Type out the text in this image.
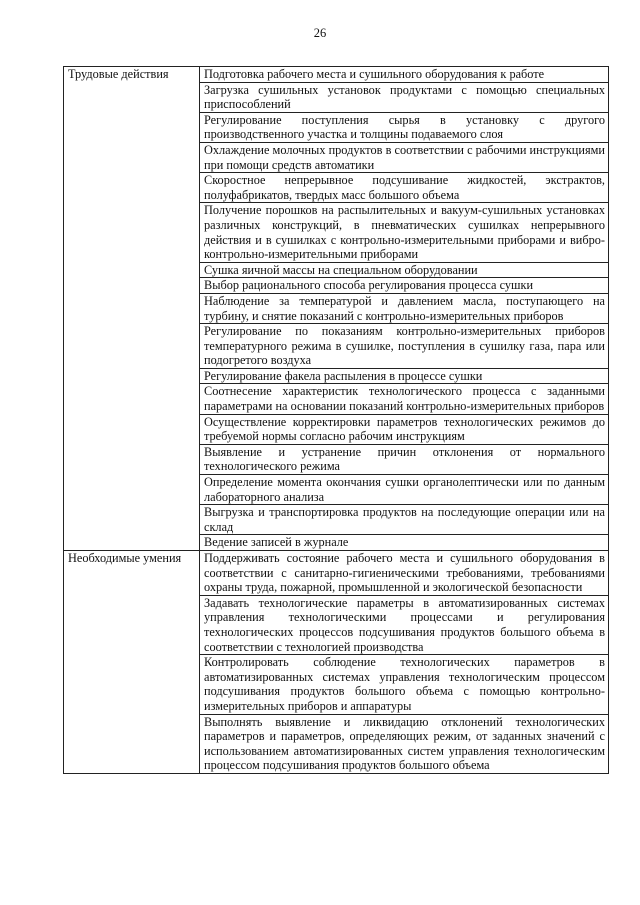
26
Трудовые действия	Подготовка рабочего места и сушильного оборудования к работе
	Загрузка сушильных установок продуктами с помощью специальных приспособлений
	Регулирование поступления сырья в установку с другого производственного участка и толщины подаваемого слоя
	Охлаждение молочных продуктов в соответствии с рабочими инструкциями при помощи средств автоматики
	Скоростное непрерывное подсушивание жидкостей, экстрактов, полуфабрикатов, твердых масс большого объема
	Получение порошков на распылительных и вакуум-сушильных установках различных конструкций, в пневматических сушилках непрерывного действия и в сушилках с контрольно-измерительными приборами и вибро-контрольно-измерительными приборами
	Сушка яичной массы на специальном оборудовании
	Выбор рационального способа регулирования процесса сушки
	Наблюдение за температурой и давлением масла, поступающего на турбину, и снятие показаний с контрольно-измерительных приборов
	Регулирование по показаниям контрольно-измерительных приборов температурного режима в сушилке, поступления в сушилку газа, пара или подогретого воздуха
	Регулирование факела распыления в процессе сушки
	Соотнесение характеристик технологического процесса с заданными параметрами на основании показаний контрольно-измерительных приборов
	Осуществление корректировки параметров технологических режимов до требуемой нормы согласно рабочим инструкциям
	Выявление и устранение причин отклонения от нормального технологического режима
	Определение момента окончания сушки органолептически или по данным лабораторного анализа
	Выгрузка и транспортировка продуктов на последующие операции или на склад
	Ведение записей в журнале
Необходимые умения	Поддерживать состояние рабочего места и сушильного оборудования в соответствии с санитарно-гигиеническими требованиями, требованиями охраны труда, пожарной, промышленной и экологической безопасности
	Задавать технологические параметры в автоматизированных системах управления технологическими процессами и регулирования технологических процессов подсушивания продуктов большого объема в соответствии с технологией производства
	Контролировать соблюдение технологических параметров в автоматизированных системах управления технологическим процессом подсушивания продуктов большого объема с помощью контрольно-измерительных приборов и аппаратуры
	Выполнять выявление и ликвидацию отклонений технологических параметров и параметров, определяющих режим, от заданных значений с использованием автоматизированных систем управления технологическим процессом подсушивания продуктов большого объема
